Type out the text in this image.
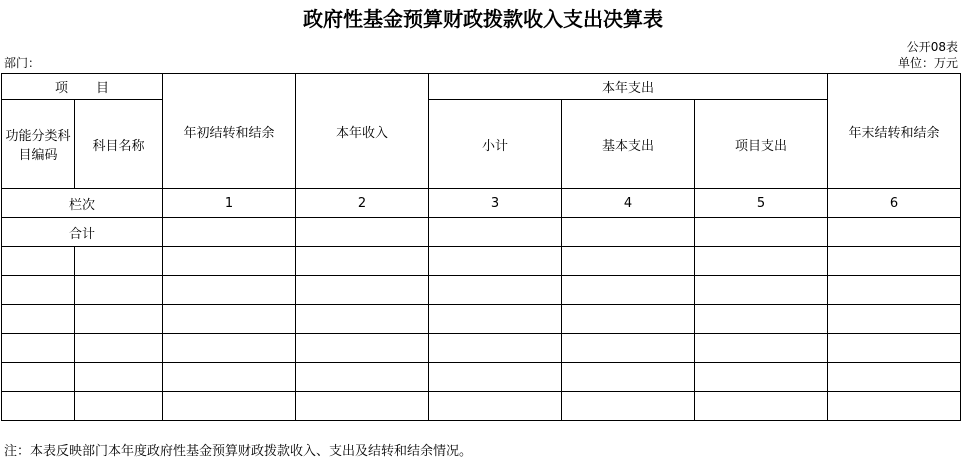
政府性基金预算财政拨款收入支出决算表
公开08表
部门：	单位：万元
项 目		年初结转和结余	本年收入	本年支出			年末结转和结余
功能分类科目编码	科目名称			小计	基本支出	项目支出	
栏次		1	2	3	4	5	6
合计							

注：本表反映部门本年度政府性基金预算财政拨款收入、支出及结转和结余情况。
